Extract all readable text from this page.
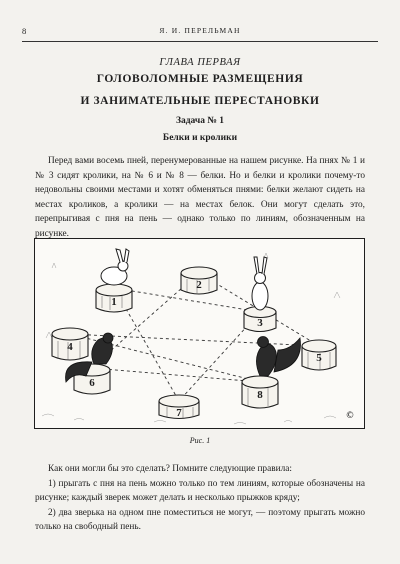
8	Я. И. ПЕРЕЛЬМАН
ГЛАВА ПЕРВАЯ
ГОЛОВОЛОМНЫЕ РАЗМЕЩЕНИЯ
И ЗАНИМАТЕЛЬНЫЕ ПЕРЕСТАНОВКИ
Задача № 1
Белки и кролики

Перед вами восемь пней, перенумерованные на нашем рисунке. На пнях № 1 и № 3 сидят кролики, на № 6 и № 8 — белки. Но и белки и кролики почему-то недовольны своими местами и хотят обменяться пнями: белки желают сидеть на местах кроликов, а кролики — на местах белок. Они могут сделать это, перепрыгивая с пня на пень — однако только по линиям, обозначенным на рисунке.

1
2
3
4
5
6
7
8
©
Рис. 1
Как они могли бы это сделать? Помните следующие правила:
1) прыгать с пня на пень можно только по тем линиям, которые обозначены на рисунке; каждый зверек может делать и несколько прыжков кряду;
2) два зверька на одном пне поместиться не могут, — поэтому прыгать можно только на свободный пень.
